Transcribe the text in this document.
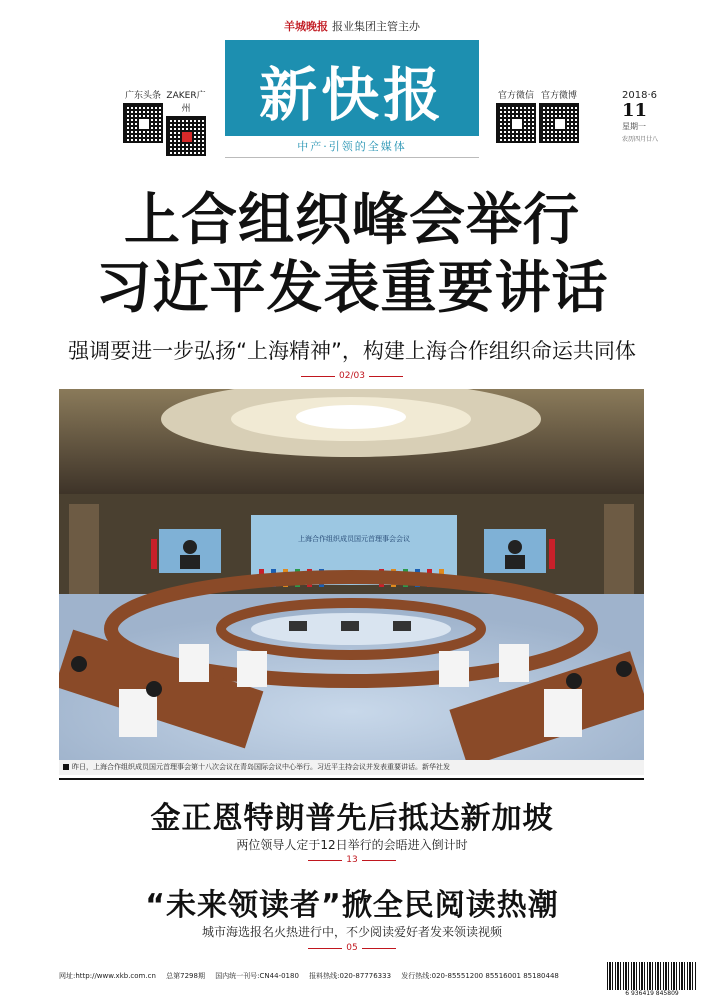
羊城晚报 报业集团主管主办
广东头条 ZAKER广州	新快报
中产·引领的全媒体
官方微信 官方微博	2018·6
11
星期一
农历四月廿八
上合组织峰会举行
习近平发表重要讲话
强调要进一步弘扬“上海精神”，构建上海合作组织命运共同体
02/03
上海合作组织成员国元首理事会会议
昨日，上海合作组织成员国元首理事会第十八次会议在青岛国际会议中心举行。习近平主持会议并发表重要讲话。新华社发
金正恩特朗普先后抵达新加坡
两位领导人定于12日举行的会晤进入倒计时
13
“未来领读者”掀全民阅读热潮
城市海选报名火热进行中，不少阅读爱好者发来领读视频
05
网址:http://www.xkb.com.cn 总第7298期 国内统一刊号:CN44-0180 报料热线:020-87776333 发行热线:020-85551200 85516001 85180448
6 936419 845809
